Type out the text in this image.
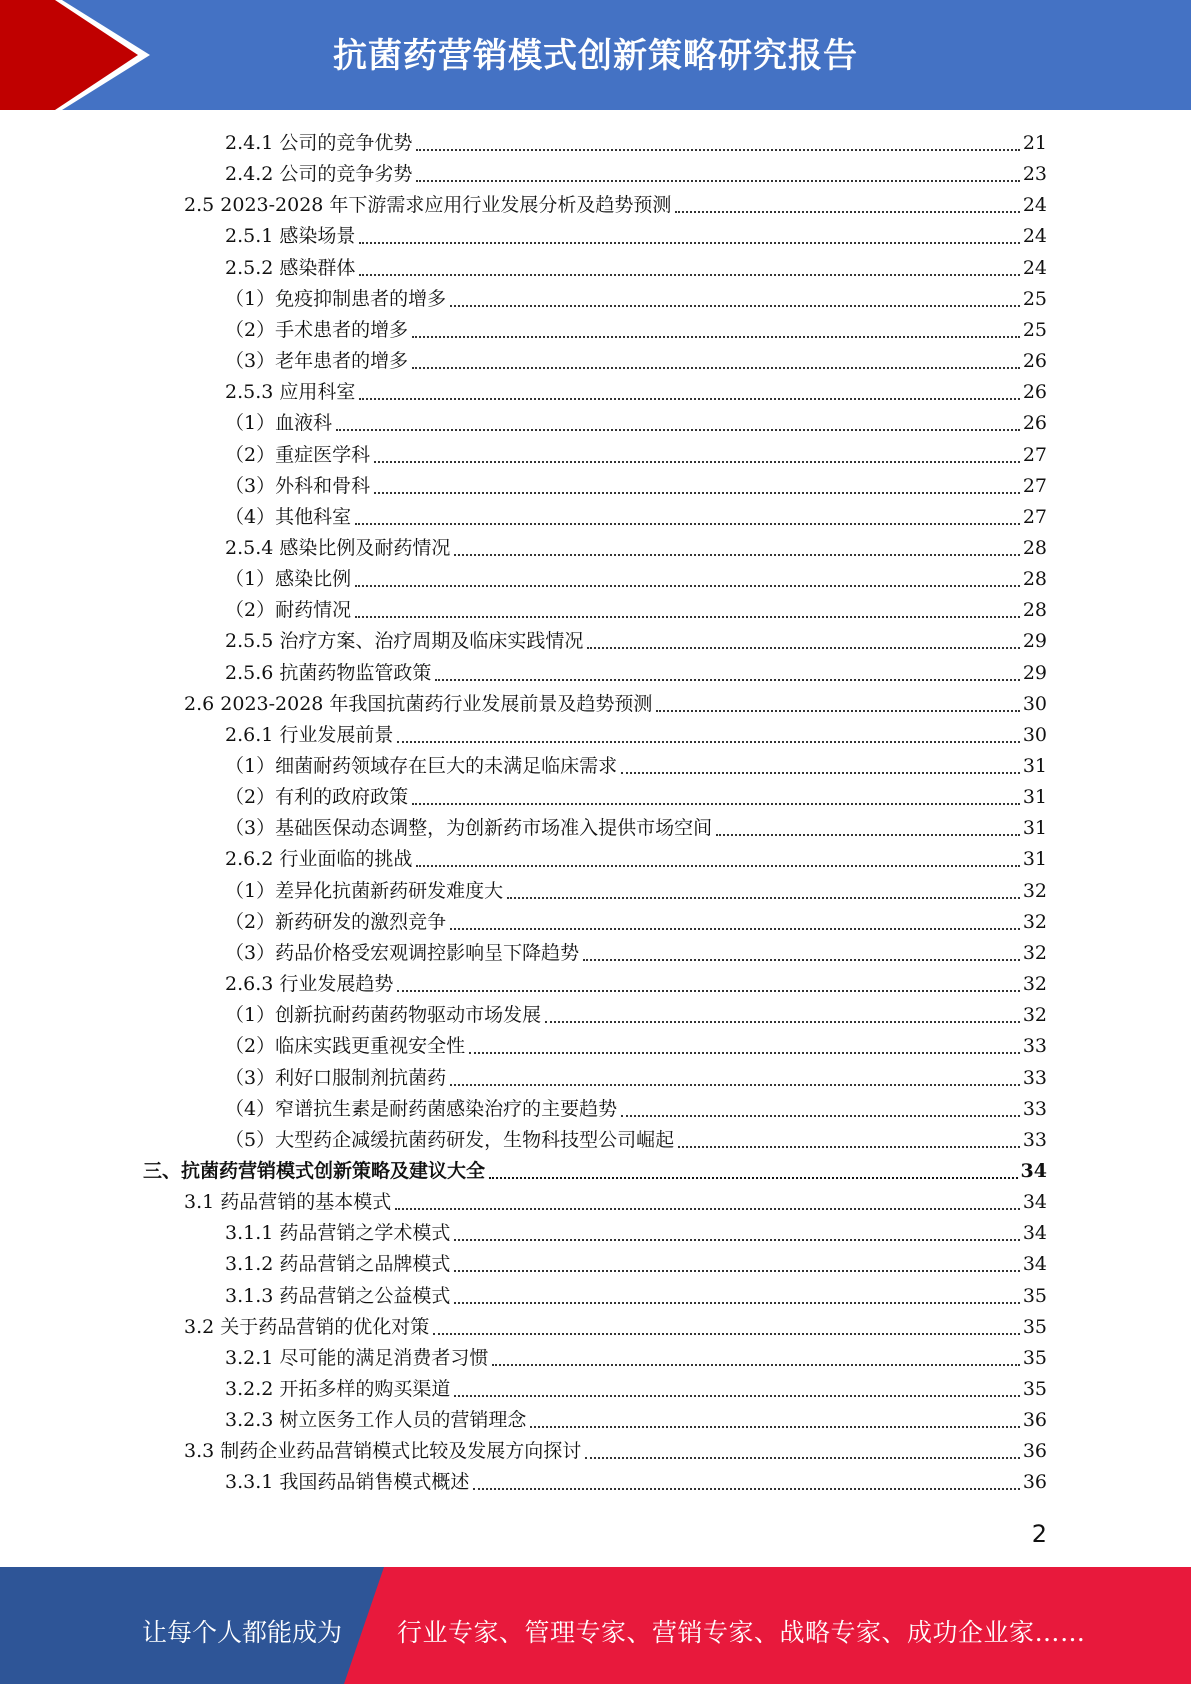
抗菌药营销模式创新策略研究报告
2.4.1 公司的竞争优势	21
2.4.2 公司的竞争劣势	23
2.5 2023-2028 年下游需求应用行业发展分析及趋势预测	24
2.5.1 感染场景	24
2.5.2 感染群体	24
（1） 免疫抑制患者的增多	25
（2） 手术患者的增多	25
（3） 老年患者的增多	26
2.5.3 应用科室	26
（1） 血液科	26
（2） 重症医学科	27
（3） 外科和骨科	27
（4） 其他科室	27
2.5.4 感染比例及耐药情况	28
（1） 感染比例	28
（2） 耐药情况	28
2.5.5 治疗方案、治疗周期及临床实践情况	29
2.5.6 抗菌药物监管政策	29
2.6 2023-2028 年我国抗菌药行业发展前景及趋势预测	30
2.6.1 行业发展前景	30
（1） 细菌耐药领域存在巨大的未满足临床需求	31
（2） 有利的政府政策	31
（3） 基础医保动态调整，为创新药市场准入提供市场空间	31
2.6.2 行业面临的挑战	31
（1） 差异化抗菌新药研发难度大	32
（2） 新药研发的激烈竞争	32
（3） 药品价格受宏观调控影响呈下降趋势	32
2.6.3 行业发展趋势	32
（1） 创新抗耐药菌药物驱动市场发展	32
（2） 临床实践更重视安全性	33
（3） 利好口服制剂抗菌药	33
（4） 窄谱抗生素是耐药菌感染治疗的主要趋势	33
（5） 大型药企减缓抗菌药研发，生物科技型公司崛起	33
三、 抗菌药营销模式创新策略及建议大全	34
3.1 药品营销的基本模式	34
3.1.1 药品营销之学术模式	34
3.1.2 药品营销之品牌模式	34
3.1.3 药品营销之公益模式	35
3.2 关于药品营销的优化对策	35
3.2.1 尽可能的满足消费者习惯	35
3.2.2 开拓多样的购买渠道	35
3.2.3 树立医务工作人员的营销理念	36
3.3 制药企业药品营销模式比较及发展方向探讨	36
3.3.1 我国药品销售模式概述	36
2
让每个人都能成为 行业专家、管理专家、营销专家、战略专家、成功企业家……
